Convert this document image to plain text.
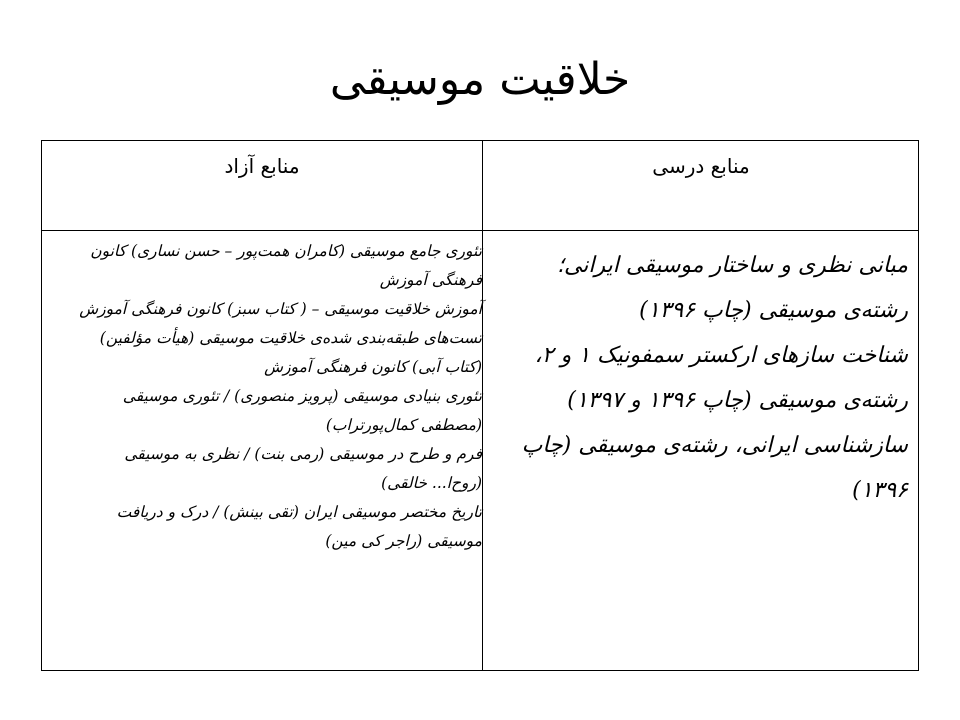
خلاقیت موسیقی
منابع آزاد	منابع درسی
تئوری جامع موسیقی (کامران همت‌پور – حسن نساری) کانون فرهنگی آموزش
آموزش خلاقیت موسیقی – ( کتاب سبز) کانون فرهنگی آموزش
تست‌های طبقه‌بندی شده‌ی خلاقیت موسیقی (هیأت مؤلفین) (کتاب آبی) کانون فرهنگی آموزش
تئوری بنیادی موسیقی (پرویز منصوری) / تئوری موسیقی (مصطفی کمال‌پورتراب)
فرم و طرح در موسیقی (رمی بنت) / نظری به موسیقی (روح‌ا... خالقی)
تاریخ مختصر موسیقی ایران (تقی بینش) / درک و دریافت موسیقی (راجر کی مین)
مبانی نظری و ساختار موسیقی ایرانی؛ رشته‌ی موسیقی (چاپ ۱۳۹۶)
شناخت سازهای ارکستر سمفونیک ۱ و ۲، رشته‌ی موسیقی (چاپ ۱۳۹۶ و ۱۳۹۷)
سازشناسی ایرانی، رشته‌ی موسیقی (چاپ ۱۳۹۶)
